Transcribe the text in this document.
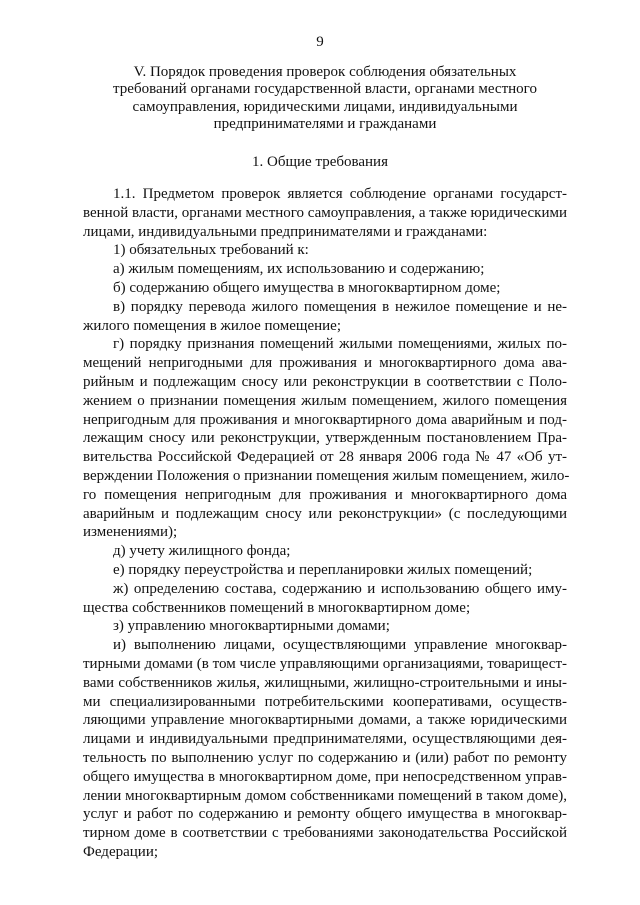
9
V. Порядок проведения проверок соблюдения обязательных
требований органами государственной власти, органами местного
самоуправления, юридическими лицами, индивидуальными
предпринимателями и гражданами
1. Общие требования
1.1. Предметом проверок является соблюдение органами государст-
венной власти, органами местного самоуправления, а также юридическими
лицами, индивидуальными предпринимателями и гражданами:
1) обязательных требований к:
а) жилым помещениям, их использованию и содержанию;
б) содержанию общего имущества в многоквартирном доме;
в) порядку перевода жилого помещения в нежилое помещение и не-
жилого помещения в жилое помещение;
г) порядку признания помещений жилыми помещениями, жилых по-
мещений непригодными для проживания и многоквартирного дома ава-
рийным и подлежащим сносу или реконструкции в соответствии с Поло-
жением о признании помещения жилым помещением, жилого помещения
непригодным для проживания и многоквартирного дома аварийным и под-
лежащим сносу или реконструкции, утвержденным постановлением Пра-
вительства Российской Федерацией от 28 января 2006 года № 47 «Об ут-
верждении Положения о признании помещения жилым помещением, жило-
го помещения непригодным для проживания и многоквартирного дома
аварийным и подлежащим сносу или реконструкции» (с последующими
изменениями);
д) учету жилищного фонда;
е) порядку переустройства и перепланировки жилых помещений;
ж) определению состава, содержанию и использованию общего иму-
щества собственников помещений в многоквартирном доме;
з) управлению многоквартирными домами;
и) выполнению лицами, осуществляющими управление многоквар-
тирными домами (в том числе управляющими организациями, товарищест-
вами собственников жилья, жилищными, жилищно-строительными и ины-
ми специализированными потребительскими кооперативами, осуществ-
ляющими управление многоквартирными домами, а также юридическими
лицами и индивидуальными предпринимателями, осуществляющими дея-
тельность по выполнению услуг по содержанию и (или) работ по ремонту
общего имущества в многоквартирном доме, при непосредственном управ-
лении многоквартирным домом собственниками помещений в таком доме),
услуг и работ по содержанию и ремонту общего имущества в многоквар-
тирном доме в соответствии с требованиями законодательства Российской
Федерации;
